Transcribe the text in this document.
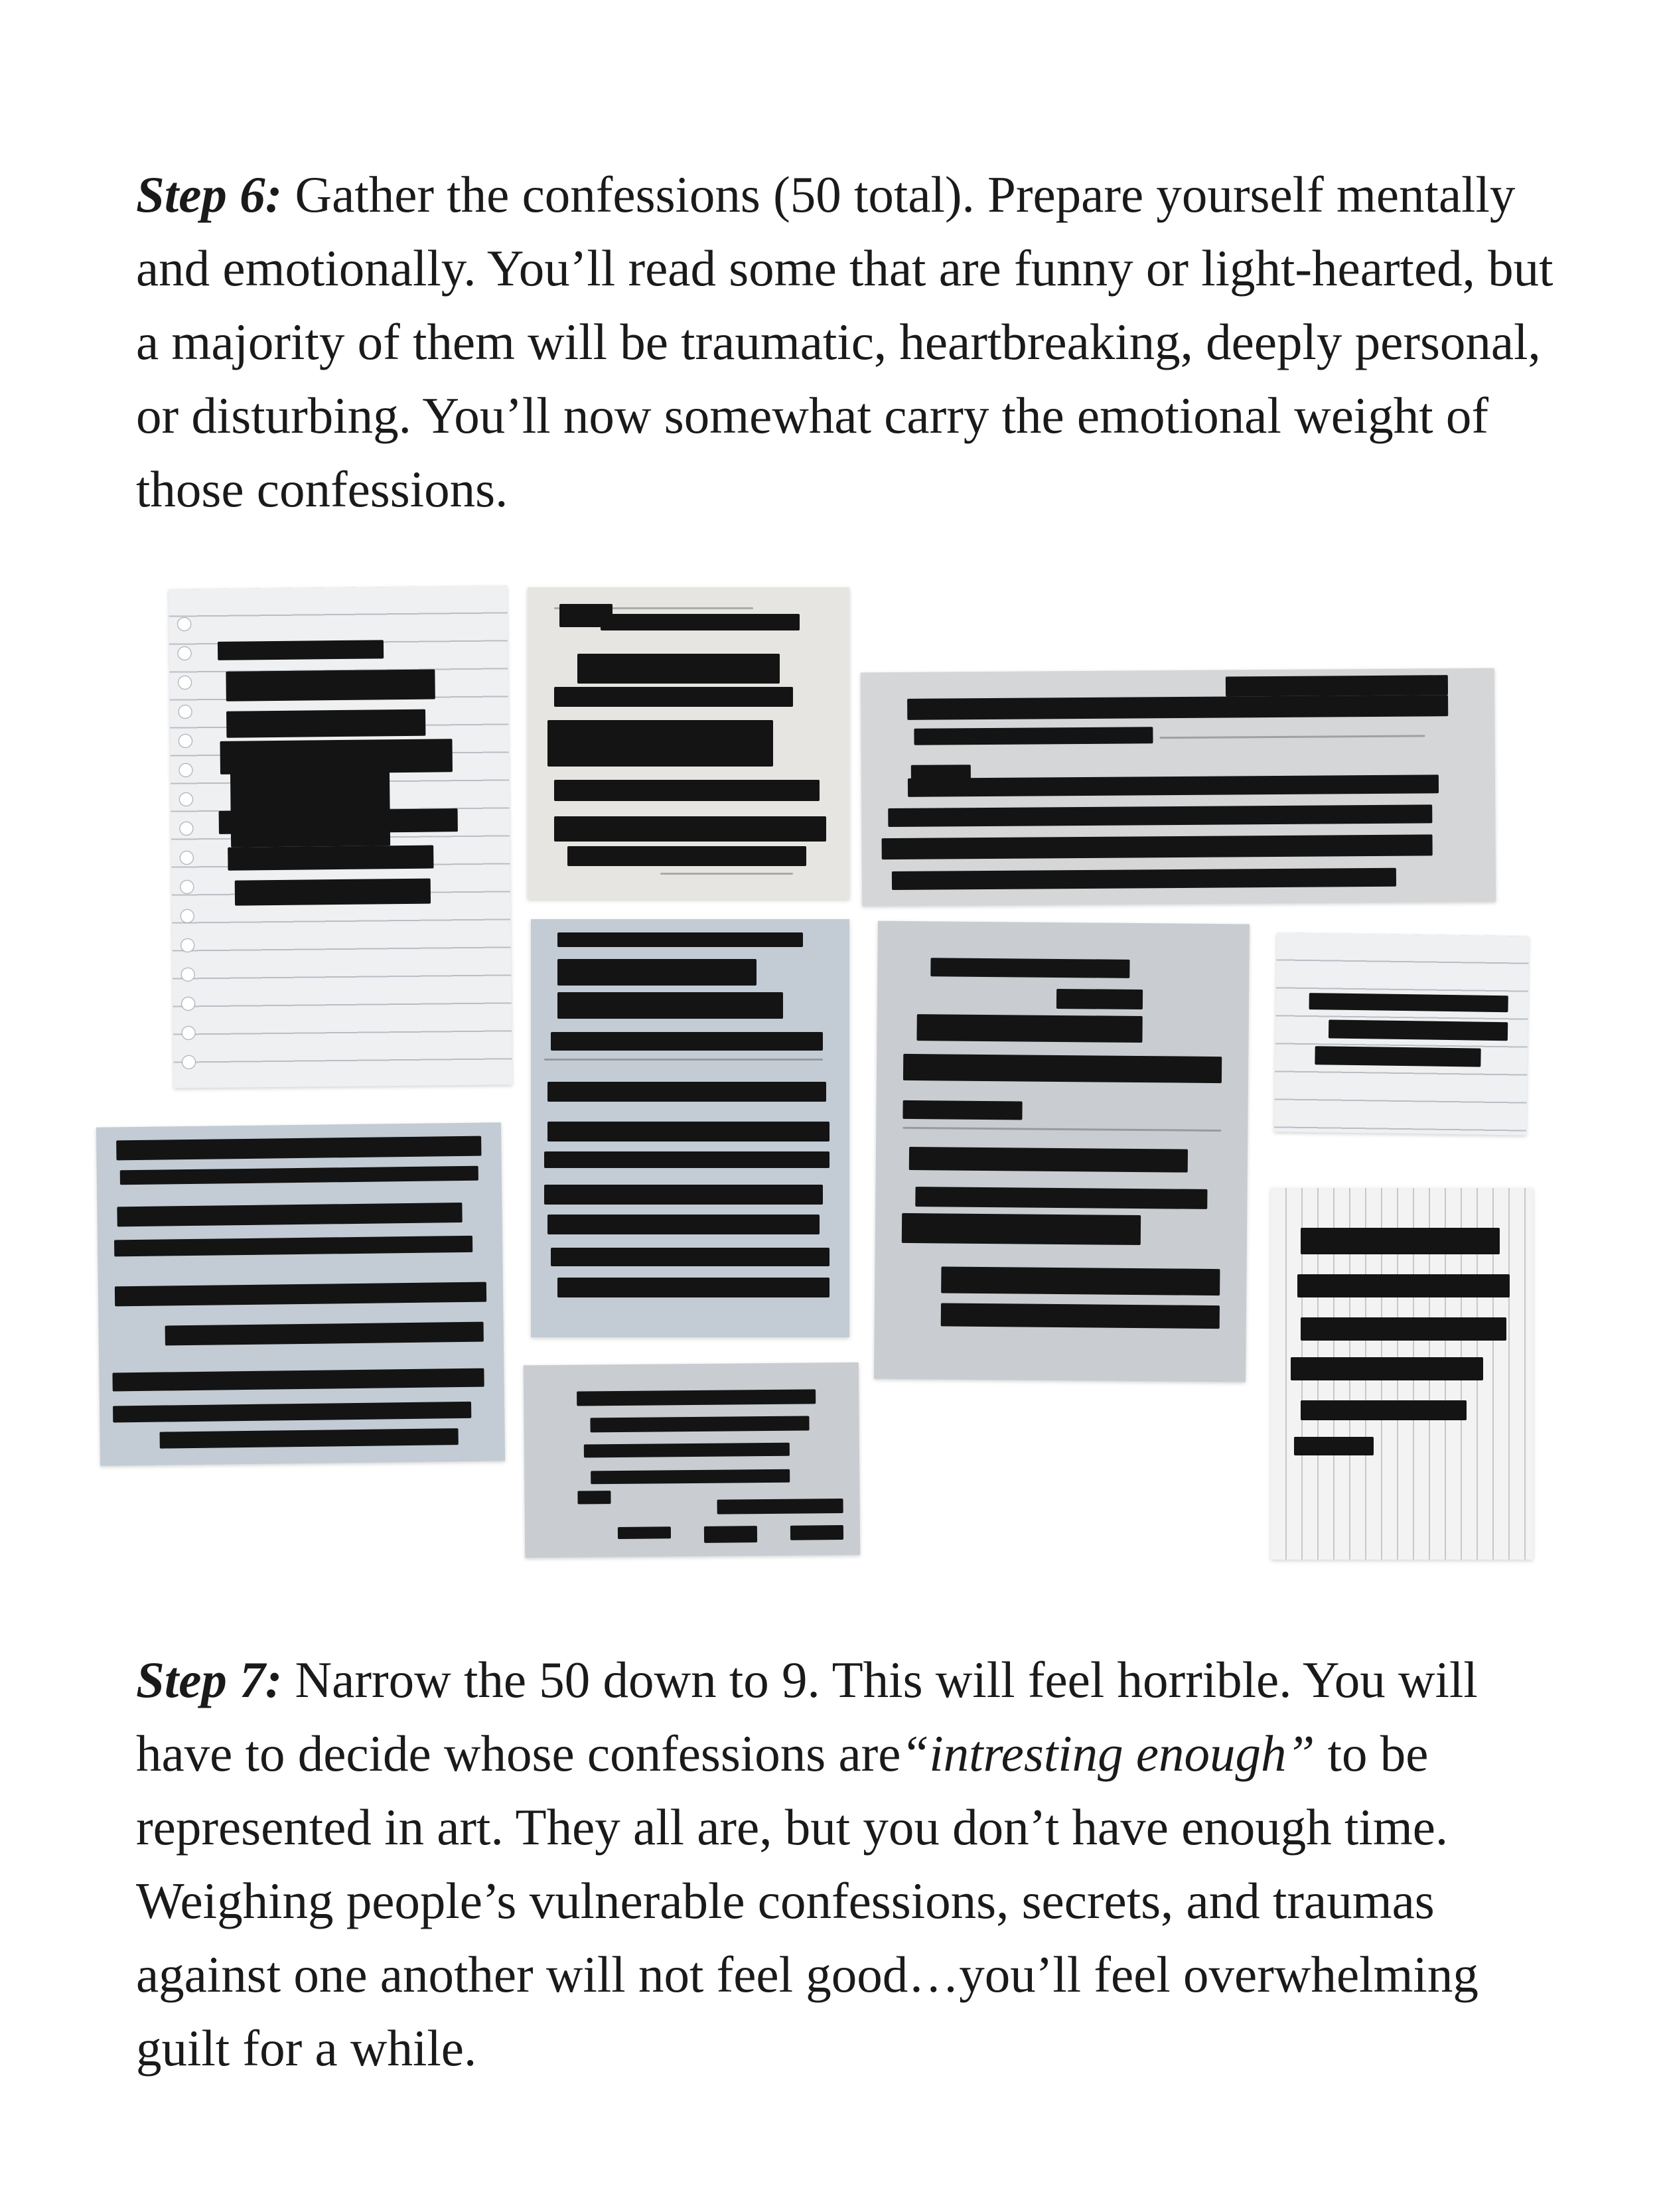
Step 6: Gather the confessions (50 total). Prepare yourself mentally and emotionally. You’ll read some that are funny or light-hearted, but a majority of them will be traumatic, heartbreaking, deeply personal, or disturbing. You’ll now somewhat carry the emotional weight of those confessions.

Step 7: Narrow the 50 down to 9. This will feel horrible. You will have to decide whose confessions are“intresting enough” to be represented in art. They all are, but you don’t have enough time. Weighing people’s vulnerable confessions, secrets, and traumas against one another will not feel good…you’ll feel overwhelming guilt for a while.
